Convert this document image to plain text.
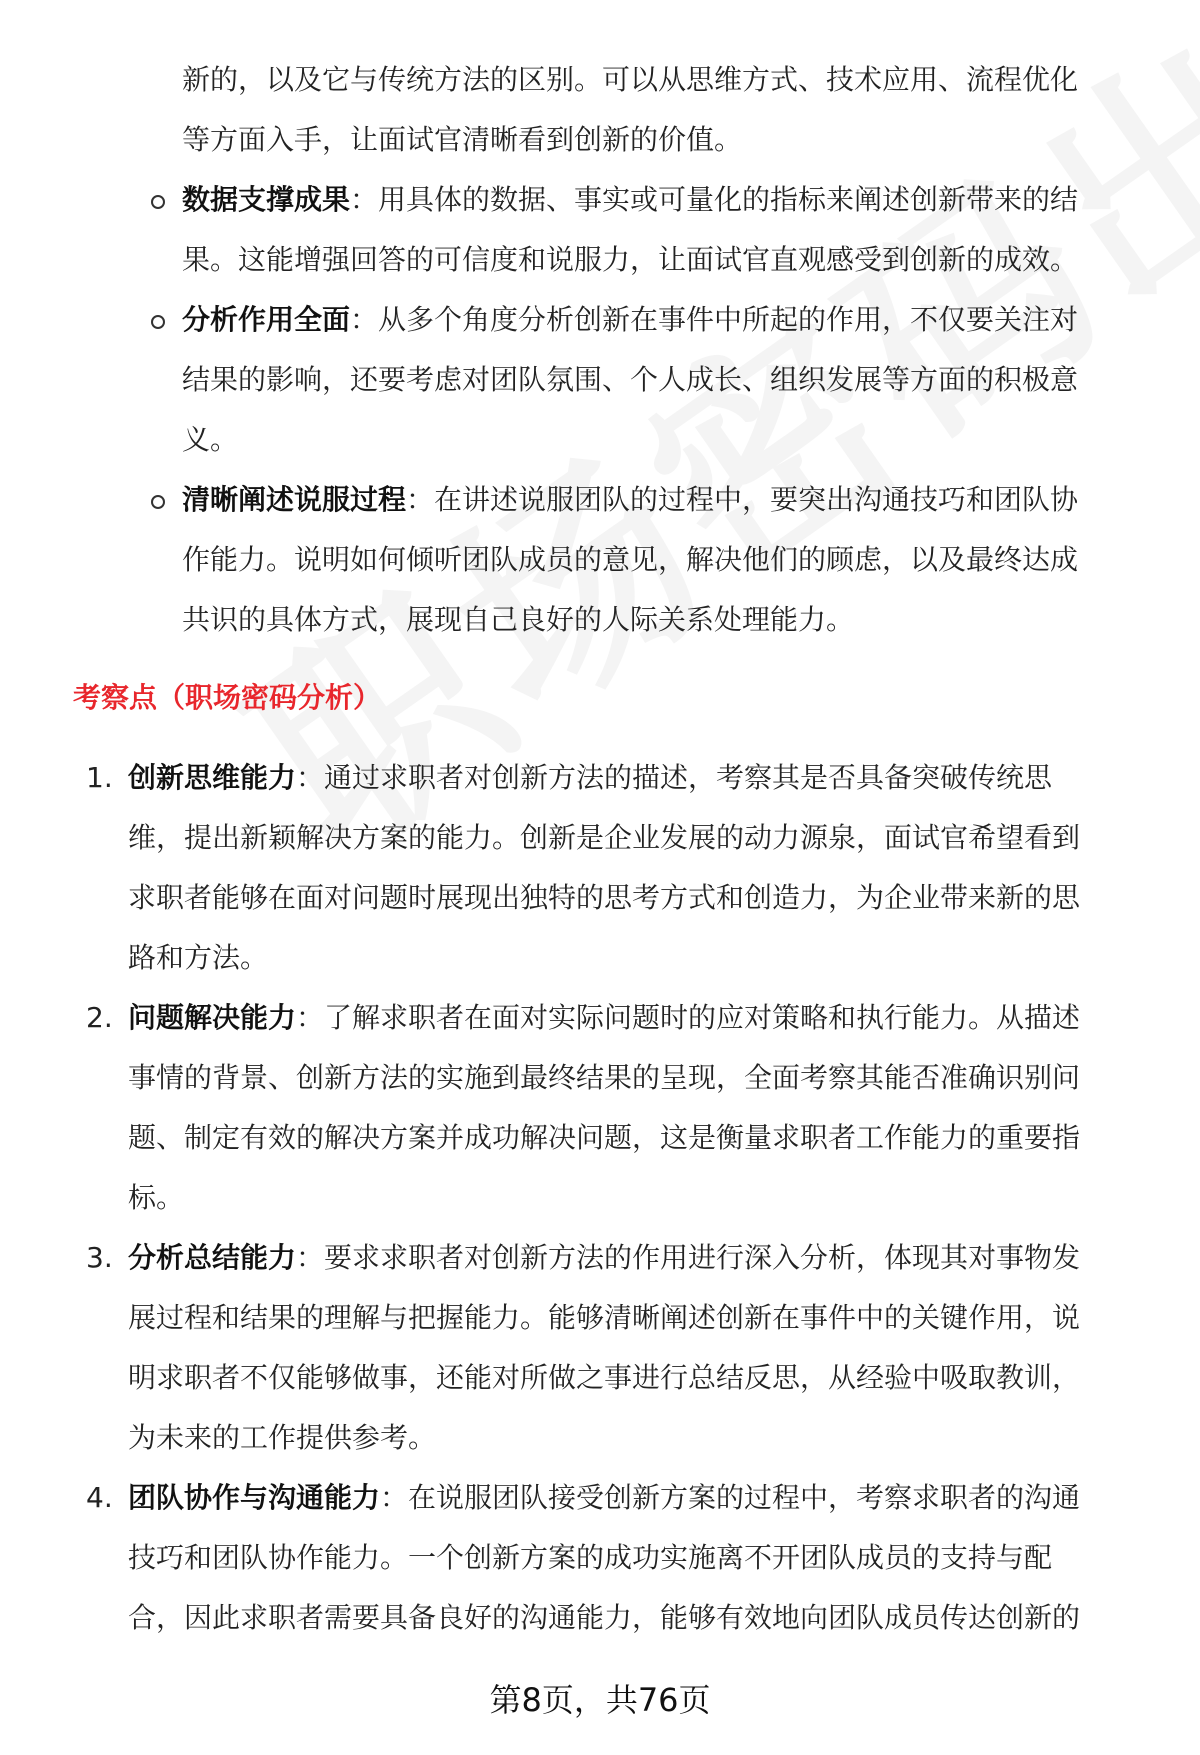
新的，以及它与传统方法的区别。可以从思维方式、技术应用、流程优化
等方面入手，让面试官清晰看到创新的价值。
数据支撑成果：用具体的数据、事实或可量化的指标来阐述创新带来的结
果。这能增强回答的可信度和说服力，让面试官直观感受到创新的成效。
分析作用全面：从多个角度分析创新在事件中所起的作用，不仅要关注对
结果的影响，还要考虑对团队氛围、个人成长、组织发展等方面的积极意
义。
清晰阐述说服过程：在讲述说服团队的过程中，要突出沟通技巧和团队协
作能力。说明如何倾听团队成员的意见，解决他们的顾虑，以及最终达成
共识的具体方式，展现自己良好的人际关系处理能力。
考察点（职场密码分析）
1. 创新思维能力：通过求职者对创新方法的描述，考察其是否具备突破传统思
维，提出新颖解决方案的能力。创新是企业发展的动力源泉，面试官希望看到
求职者能够在面对问题时展现出独特的思考方式和创造力，为企业带来新的思
路和方法。
2. 问题解决能力：了解求职者在面对实际问题时的应对策略和执行能力。从描述
事情的背景、创新方法的实施到最终结果的呈现，全面考察其能否准确识别问
题、制定有效的解决方案并成功解决问题，这是衡量求职者工作能力的重要指
标。
3. 分析总结能力：要求求职者对创新方法的作用进行深入分析，体现其对事物发
展过程和结果的理解与把握能力。能够清晰阐述创新在事件中的关键作用，说
明求职者不仅能够做事，还能对所做之事进行总结反思，从经验中吸取教训，
为未来的工作提供参考。
4. 团队协作与沟通能力：在说服团队接受创新方案的过程中，考察求职者的沟通
技巧和团队协作能力。一个创新方案的成功实施离不开团队成员的支持与配
合，因此求职者需要具备良好的沟通能力，能够有效地向团队成员传达创新的
第8页，共76页
